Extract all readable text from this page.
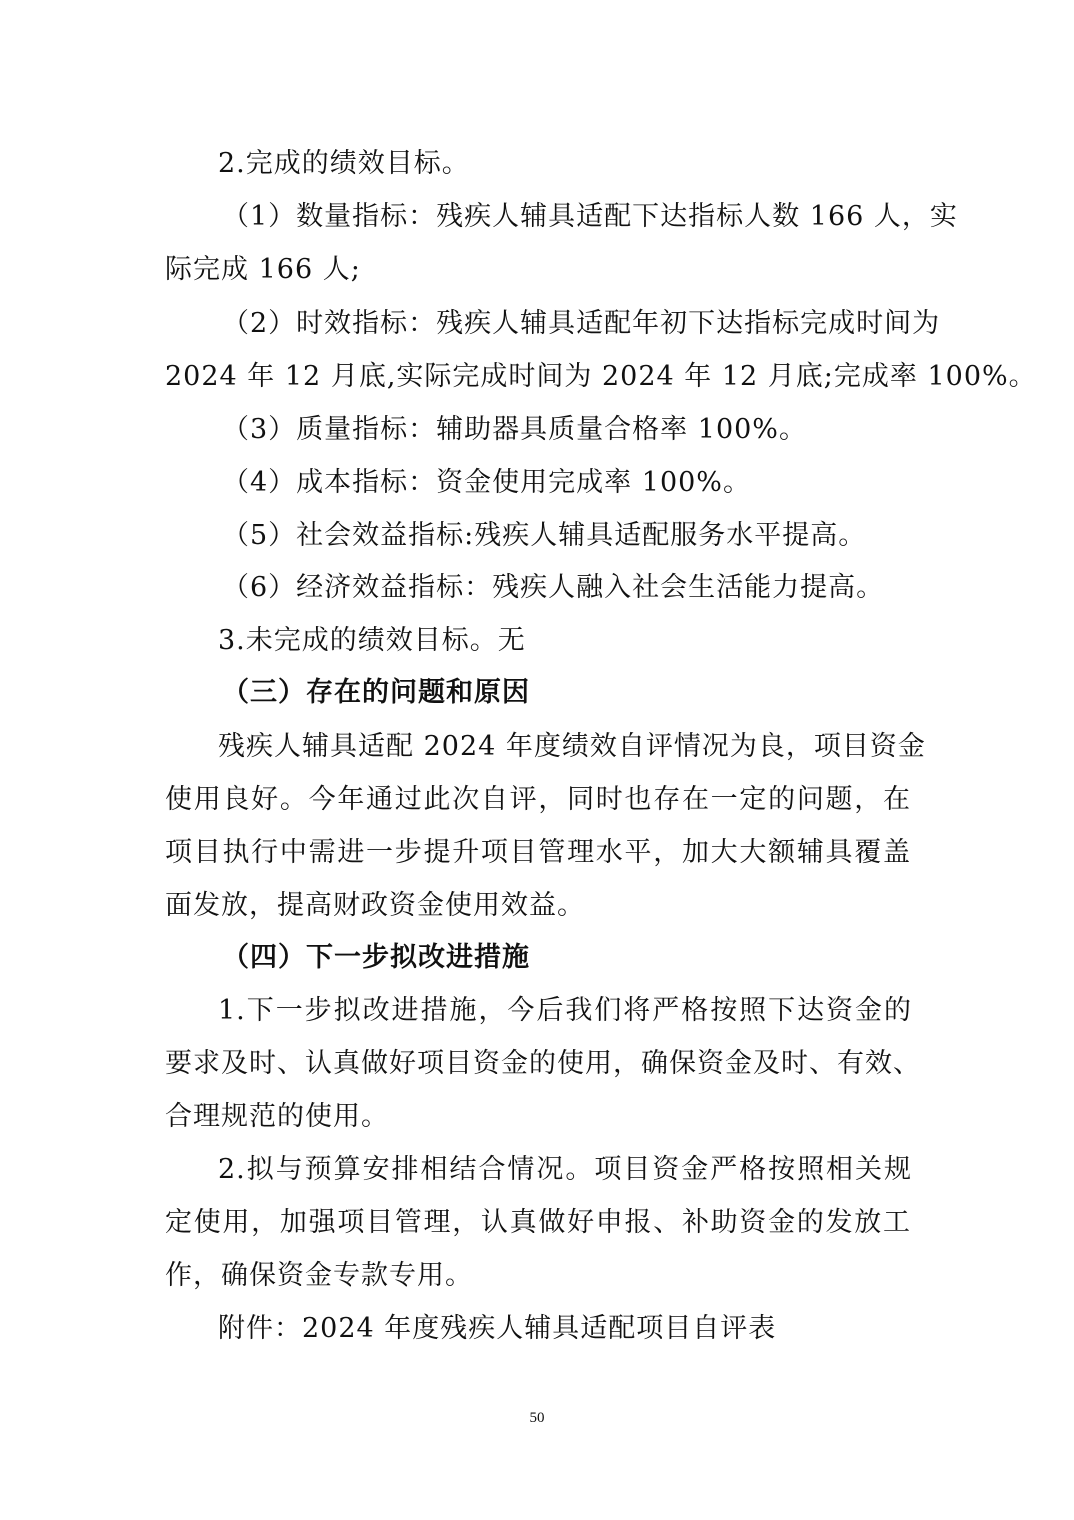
2.完成的绩效目标。
（1）数量指标：残疾人辅具适配下达指标人数 166 人，实
际完成 166 人;
（2）时效指标：残疾人辅具适配年初下达指标完成时间为
2024 年 12 月底,实际完成时间为 2024 年 12 月底;完成率 100%。
（3）质量指标：辅助器具质量合格率 100%。
（4）成本指标：资金使用完成率 100%。
（5）社会效益指标:残疾人辅具适配服务水平提高。
（6）经济效益指标：残疾人融入社会生活能力提高。
3.未完成的绩效目标。无
（三）存在的问题和原因
残疾人辅具适配 2024 年度绩效自评情况为良，项目资金
使用良好。今年通过此次自评，同时也存在一定的问题，在
项目执行中需进一步提升项目管理水平，加大大额辅具覆盖
面发放，提高财政资金使用效益。
（四）下一步拟改进措施
1.下一步拟改进措施，今后我们将严格按照下达资金的
要求及时、认真做好项目资金的使用，确保资金及时、有效、
合理规范的使用。
2.拟与预算安排相结合情况。项目资金严格按照相关规
定使用，加强项目管理，认真做好申报、补助资金的发放工
作，确保资金专款专用。
附件：2024 年度残疾人辅具适配项目自评表
50
